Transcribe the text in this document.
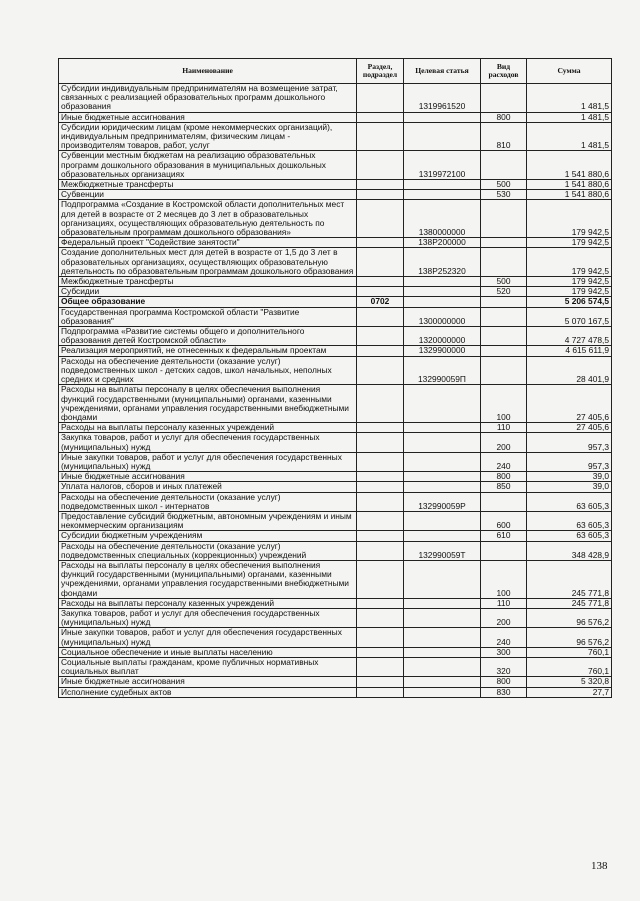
Наименование	Раздел, подраздел	Целевая статья	Вид расходов	Сумма
Субсидии индивидуальным предпринимателям на возмещение затрат, связанных с реализацией образовательных программ дошкольного образования		1319961520		1 481,5
Иные бюджетные ассигнования			800	1 481,5
Субсидии юридическим лицам (кроме некоммерческих организаций), индивидуальным предпринимателям, физическим лицам - производителям товаров, работ, услуг			810	1 481,5
Субвенции местным бюджетам на реализацию образовательных программ дошкольного образования в муниципальных дошкольных образовательных организациях		1319972100		1 541 880,6
Межбюджетные трансферты			500	1 541 880,6
Субвенции			530	1 541 880,6
Подпрограмма «Создание в Костромской области дополнительных мест для детей в возрасте от 2 месяцев до 3 лет в образовательных организациях, осуществляющих образовательную деятельность по образовательным программам дошкольного образования»		1380000000		179 942,5
Федеральный проект "Содействие занятости"		138P200000		179 942,5
Создание дополнительных мест для детей в возрасте от 1,5 до 3 лет в образовательных организациях, осуществляющих образовательную деятельность по образовательным программам дошкольного образования		138P252320		179 942,5
Межбюджетные трансферты			500	179 942,5
Субсидии			520	179 942,5
Общее образование	0702			5 206 574,5
Государственная программа Костромской области "Развитие образования"		1300000000		5 070 167,5
Подпрограмма «Развитие системы общего и дополнительного образования детей Костромской области»		1320000000		4 727 478,5
Реализация мероприятий, не отнесенных к федеральным проектам		1329900000		4 615 611,9
Расходы на обеспечение деятельности (оказание услуг) подведомственных школ - детских садов, школ начальных, неполных средних и средних		132990059П		28 401,9
Расходы на выплаты персоналу в целях обеспечения выполнения функций государственными (муниципальными) органами, казенными учреждениями, органами управления государственными внебюджетными фондами			100	27 405,6
Расходы на выплаты персоналу казенных учреждений			110	27 405,6
Закупка товаров, работ и услуг для обеспечения государственных (муниципальных) нужд			200	957,3
Иные закупки товаров, работ и услуг для обеспечения государственных (муниципальных) нужд			240	957,3
Иные бюджетные ассигнования			800	39,0
Уплата налогов, сборов и иных платежей			850	39,0
Расходы на обеспечение деятельности (оказание услуг) подведомственных школ - интернатов		132990059Р		63 605,3
Предоставление субсидий бюджетным, автономным учреждениям и иным некоммерческим организациям			600	63 605,3
Субсидии бюджетным учреждениям			610	63 605,3
Расходы на обеспечение деятельности (оказание услуг) подведомственных специальных (коррекционных) учреждений		132990059Т		348 428,9
Расходы на выплаты персоналу в целях обеспечения выполнения функций государственными (муниципальными) органами, казенными учреждениями, органами управления государственными внебюджетными фондами			100	245 771,8
Расходы на выплаты персоналу казенных учреждений			110	245 771,8
Закупка товаров, работ и услуг для обеспечения государственных (муниципальных) нужд			200	96 576,2
Иные закупки товаров, работ и услуг для обеспечения государственных (муниципальных) нужд			240	96 576,2
Социальное обеспечение и иные выплаты населению			300	760,1
Социальные выплаты гражданам, кроме публичных нормативных социальных выплат			320	760,1
Иные бюджетные ассигнования			800	5 320,8
Исполнение судебных актов			830	27,7
138
